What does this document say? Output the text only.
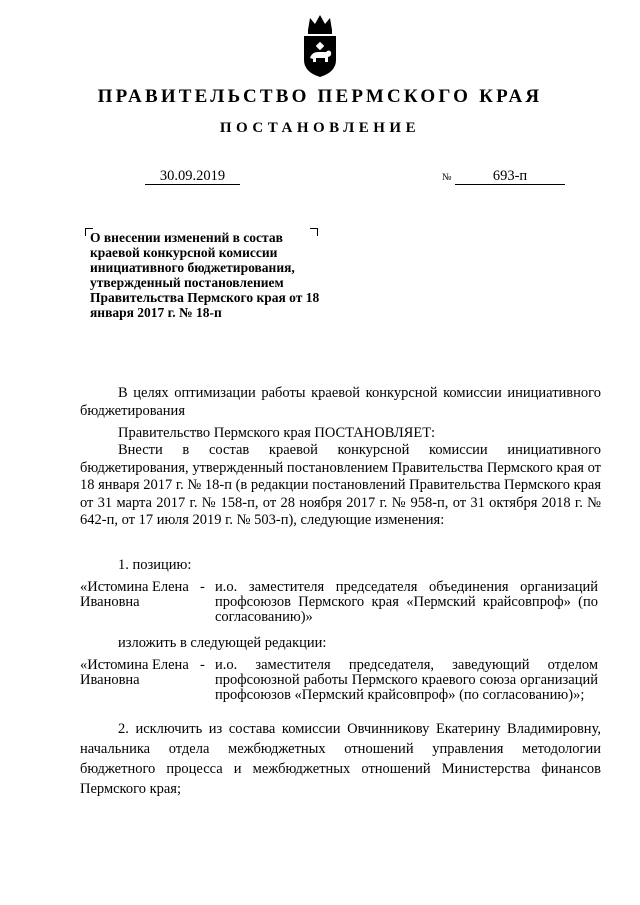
ПРАВИТЕЛЬСТВО ПЕРМСКОГО КРАЯ
ПОСТАНОВЛЕНИЕ
30.09.2019	№	693-п
О внесении изменений в состав краевой конкурсной комиссии инициативного бюджетирования, утвержденный постановлением Правительства Пермского края от 18 января 2017 г. № 18-п
В целях оптимизации работы краевой конкурсной комиссии инициативного бюджетирования
Правительство Пермского края ПОСТАНОВЛЯЕТ:
Внести в состав краевой конкурсной комиссии инициативного бюджетирования, утвержденный постановлением Правительства Пермского края от 18 января 2017 г. № 18-п (в редакции постановлений Правительства Пермского края от 31 марта 2017 г. № 158-п, от 28 ноября 2017 г. № 958-п, от 31 октября 2018 г. № 642-п, от 17 июля 2019 г. № 503-п), следующие изменения:
1. позицию:
«Истомина Елена Ивановна
- и.о. заместителя председателя объединения организаций профсоюзов Пермского края «Пермский крайсовпроф» (по согласованию)»
изложить в следующей редакции:
«Истомина Елена Ивановна
- и.о. заместителя председателя, заведующий отделом профсоюзной работы Пермского краевого союза организаций профсоюзов «Пермский крайсовпроф» (по согласованию)»;
2. исключить из состава комиссии Овчинникову Екатерину Владимировну, начальника отдела межбюджетных отношений управления методологии бюджетного процесса и межбюджетных отношений Министерства финансов Пермского края;
